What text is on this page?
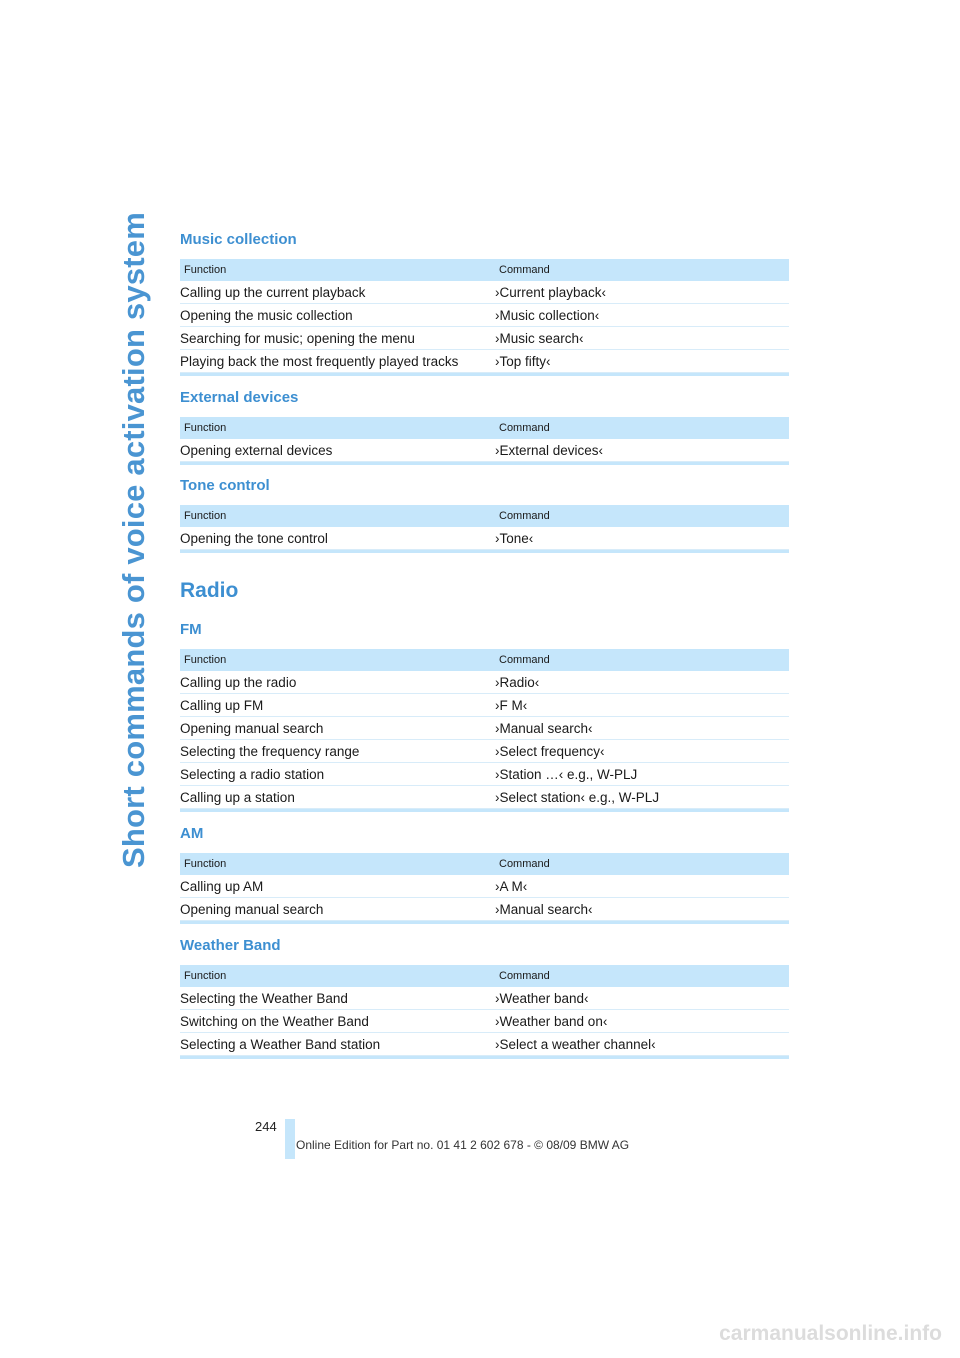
Short commands of voice activation system Music collection
Function	Command
Calling up the current playback	›Current playback‹
Opening the music collection	›Music collection‹
Searching for music; opening the menu	›Music search‹
Playing back the most frequently played tracks	›Top fifty‹
External devices
Function	Command
Opening external devices	›External devices‹
Tone control
Function	Command
Opening the tone control	›Tone‹
Radio
FM
Function	Command
Calling up the radio	›Radio‹
Calling up FM	›F M‹
Opening manual search	›Manual search‹
Selecting the frequency range	›Select frequency‹
Selecting a radio station	›Station …‹ e.g., W-PLJ
Calling up a station	›Select station‹ e.g., W-PLJ
AM
Function	Command
Calling up AM	›A M‹
Opening manual search	›Manual search‹
Weather Band
Function	Command
Selecting the Weather Band	›Weather band‹
Switching on the Weather Band	›Weather band on‹
Selecting a Weather Band station	›Select a weather channel‹
244
Online Edition for Part no. 01 41 2 602 678 - © 08/09 BMW AG
carmanualsonline.info
